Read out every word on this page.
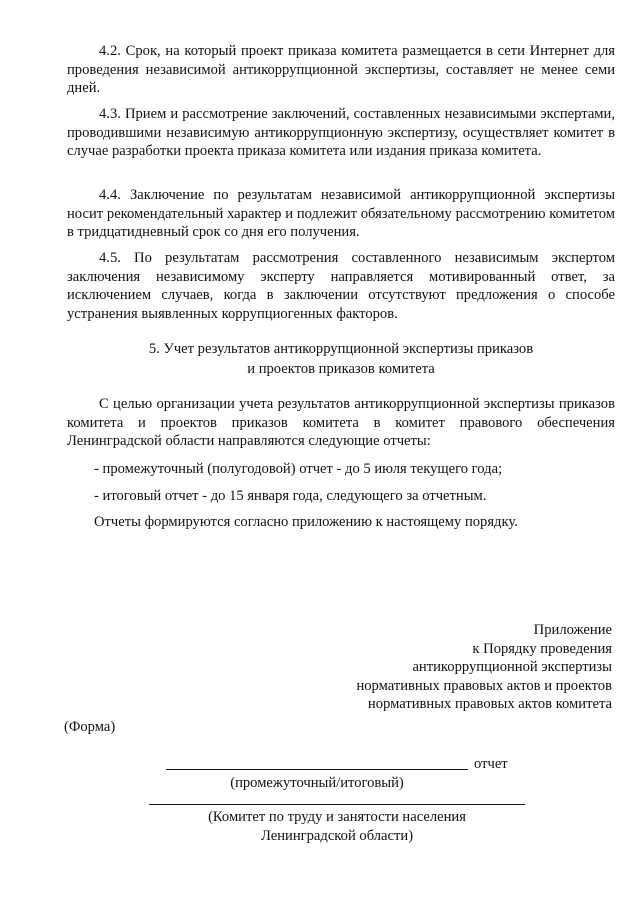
4.2. Срок, на который проект приказа комитета размещается в сети Интернет для проведения независимой антикоррупционной экспертизы, составляет не менее семи дней.

4.3. Прием и рассмотрение заключений, составленных независимыми экспертами, проводившими независимую антикоррупционную экспертизу, осуществляет комитет в случае разработки проекта приказа комитета или издания приказа комитета.

4.4. Заключение по результатам независимой антикоррупционной экспертизы носит рекомендательный характер и подлежит обязательному рассмотрению комитетом в тридцатидневный срок со дня его получения.

4.5. По результатам рассмотрения составленного независимым экспертом заключения независимому эксперту направляется мотивированный ответ, за исключением случаев, когда в заключении отсутствуют предложения о способе устранения выявленных коррупциогенных факторов.

5. Учет результатов антикоррупционной экспертизы приказов

и проектов приказов комитета

С целью организации учета результатов антикоррупционной экспертизы приказов комитета и проектов приказов комитета в комитет правового обеспечения Ленинградской области направляются следующие отчеты:

- промежуточный (полугодовой) отчет - до 5 июля текущего года;

- итоговый отчет - до 15 января года, следующего за отчетным.

Отчеты формируются согласно приложению к настоящему порядку.

Приложение
к Порядку проведения
антикоррупционной экспертизы
нормативных правовых актов и проектов
нормативных правовых актов комитета

(Форма)

отчет
(промежуточный/итоговый)
(Комитет по труду и занятости населения
Ленинградской области)
